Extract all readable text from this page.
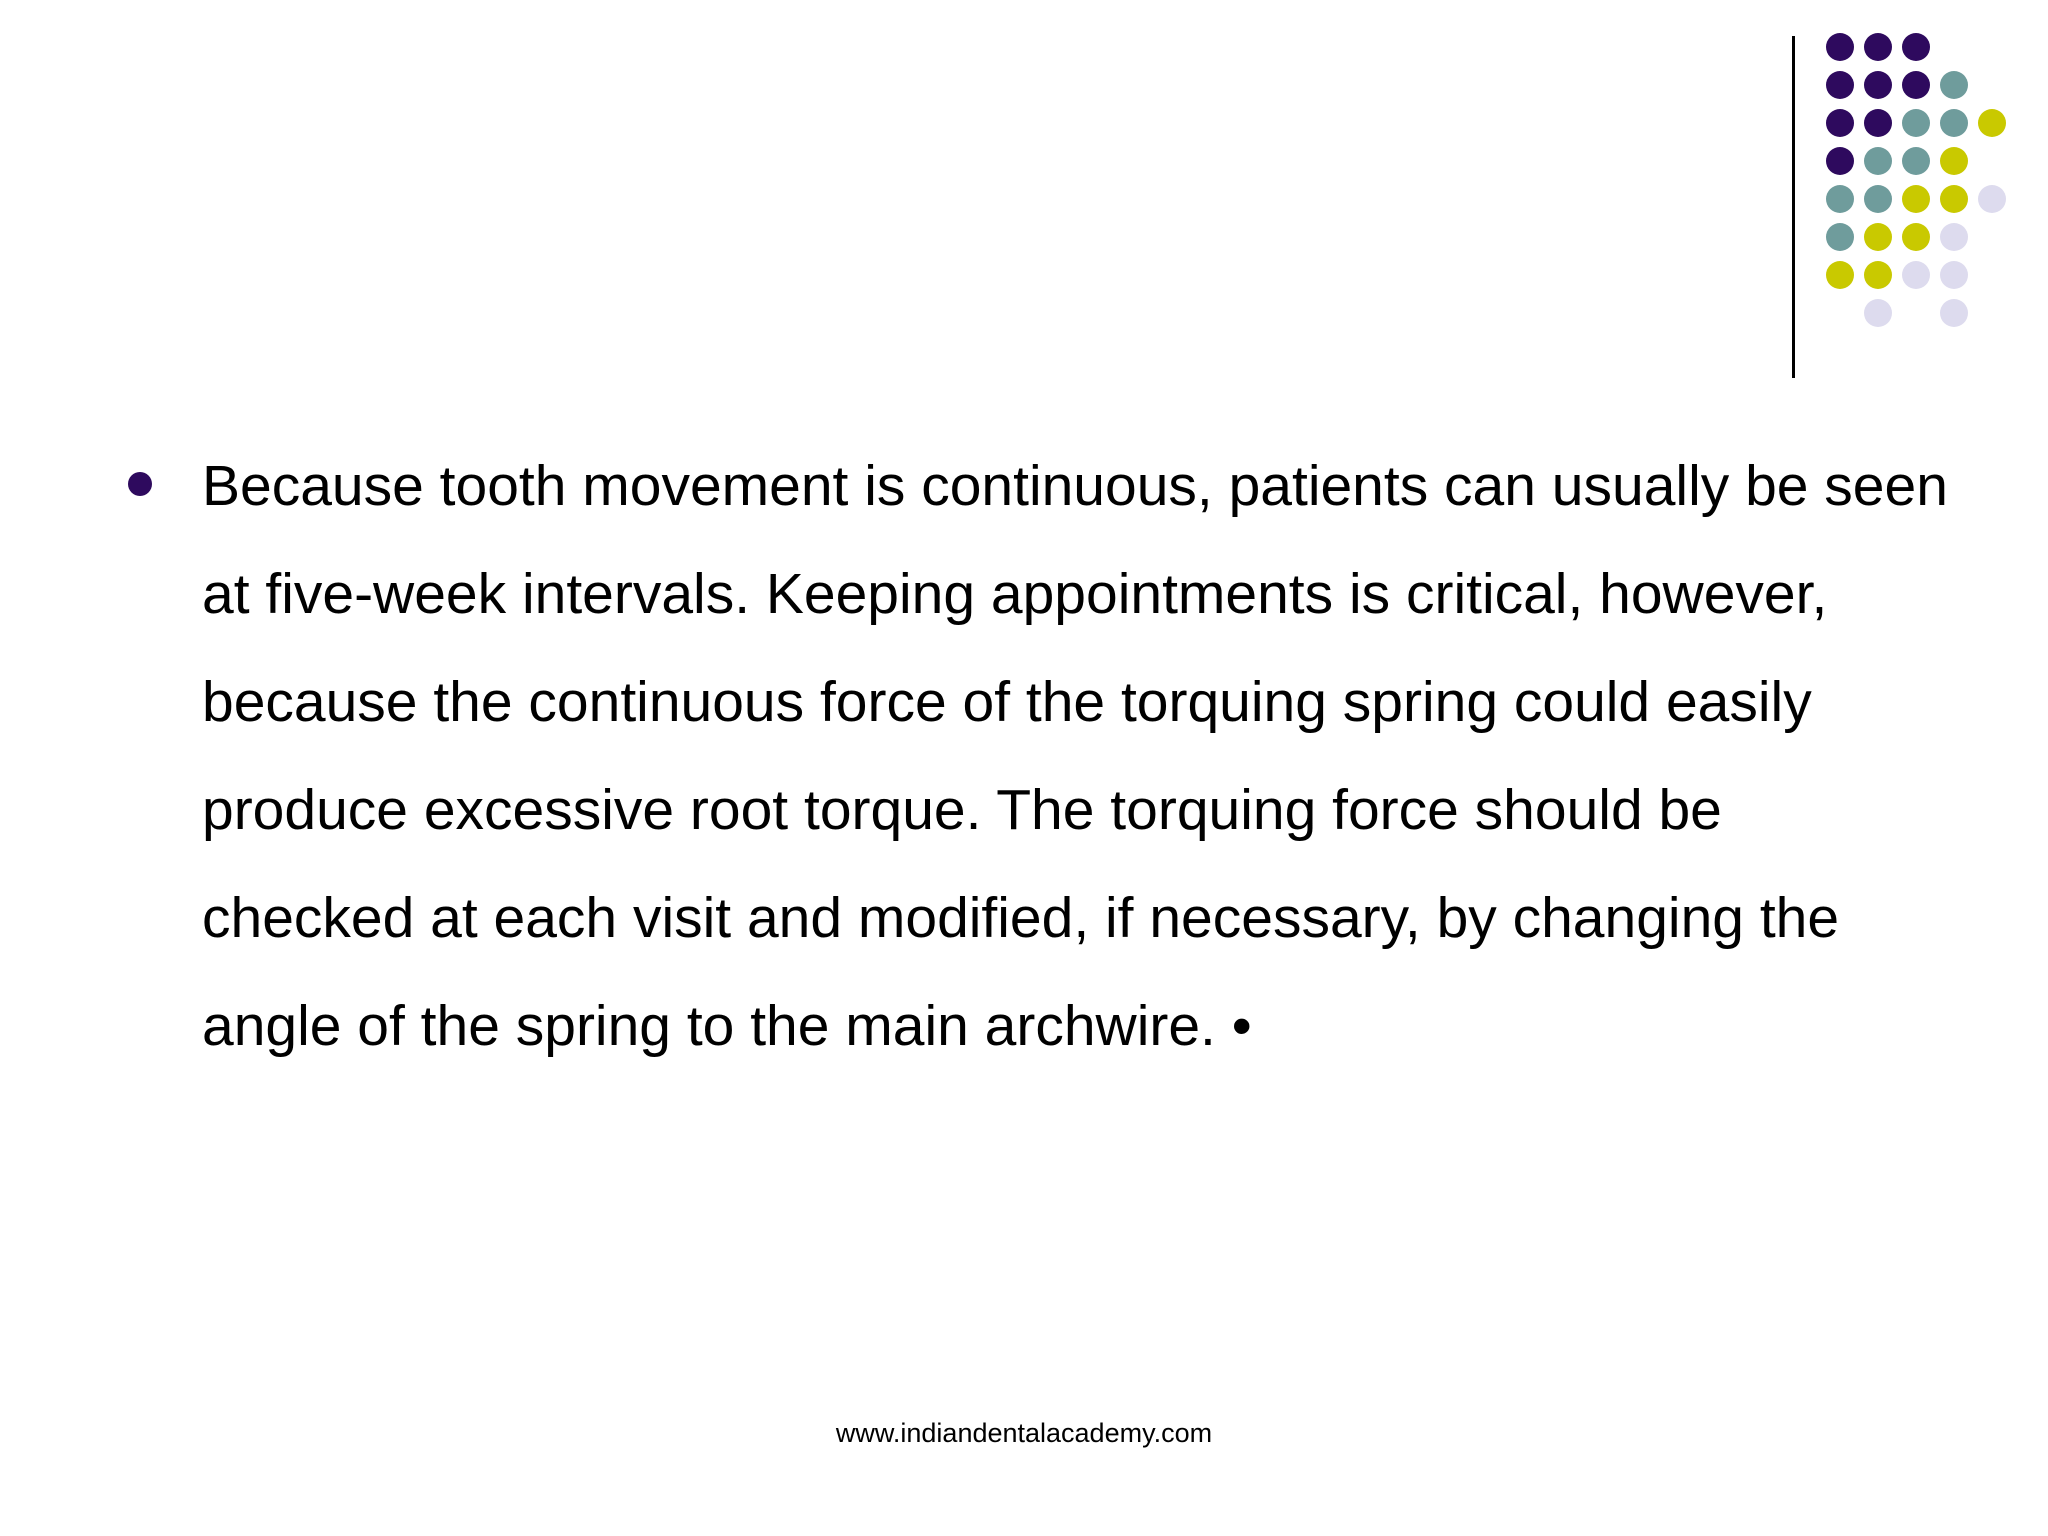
Because tooth movement is continuous, patients can usually be seen at five-week intervals. Keeping appointments is critical, however, because the continuous force of the torquing spring could easily produce excessive root torque. The torquing force should be checked at each visit and modified, if necessary, by changing the angle of the spring to the main archwire. •

www.indiandentalacademy.com
